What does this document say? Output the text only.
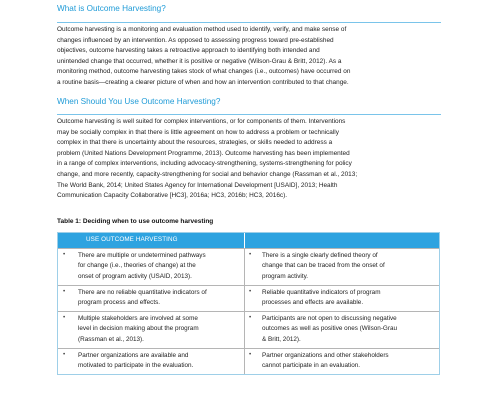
What is Outcome Harvesting?
Outcome harvesting is a monitoring and evaluation method used to identify, verify, and make sense of
changes influenced by an intervention. As opposed to assessing progress toward pre-established
objectives, outcome harvesting takes a retroactive approach to identifying both intended and
unintended change that occurred, whether it is positive or negative (Wilson-Grau & Britt, 2012). As a
monitoring method, outcome harvesting takes stock of what changes (i.e., outcomes) have occurred on
a routine basis—creating a clearer picture of when and how an intervention contributed to that change.
When Should You Use Outcome Harvesting?
Outcome harvesting is well suited for complex interventions, or for components of them. Interventions
may be socially complex in that there is little agreement on how to address a problem or technically
complex in that there is uncertainty about the resources, strategies, or skills needed to address a
problem (United Nations Development Programme, 2013). Outcome harvesting has been implemented
in a range of complex interventions, including advocacy-strengthening, systems-strengthening for policy
change, and more recently, capacity-strengthening for social and behavior change (Rassman et al., 2013;
The World Bank, 2014; United States Agency for International Development [USAID], 2013; Health
Communication Capacity Collaborative [HC3], 2016a; HC3, 2016b; HC3, 2016c).
Table 1: Deciding when to use outcome harvesting
USE OUTCOME HARVESTING
• There are multiple or undetermined pathways
for change (i.e., theories of change) at the
onset of program activity (USAID, 2013).
• There is a single clearly defined theory of
change that can be traced from the onset of
program activity.
• There are no reliable quantitative indicators of
program process and effects.
• Reliable quantitative indicators of program
processes and effects are available.
• Multiple stakeholders are involved at some
level in decision making about the program
(Rassman et al., 2013).
• Participants are not open to discussing negative
outcomes as well as positive ones (Wilson-Grau
& Britt, 2012).
• Partner organizations are available and
motivated to participate in the evaluation.
• Partner organizations and other stakeholders
cannot participate in an evaluation.
